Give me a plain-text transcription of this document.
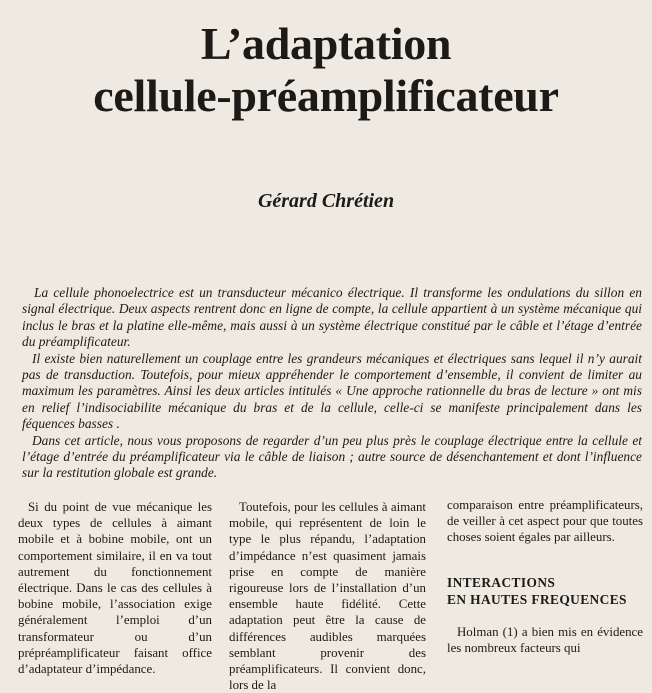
L’adaptation
cellule-préamplificateur
Gérard Chrétien

La cellule phonoelectrice est un transducteur mécanico électrique. Il transforme les ondulations du sillon en signal électrique. Deux aspects rentrent donc en ligne de compte, la cellule appartient à un système mécanique qui inclus le bras et la platine elle-même, mais aussi à un système électrique constitué par le câble et l’étage d’entrée du préamplificateur.

Il existe bien naturellement un couplage entre les grandeurs mécaniques et électriques sans lequel il n’y aurait pas de transduction. Toutefois, pour mieux appréhender le comportement d’ensemble, il convient de limiter au maximum les paramètres. Ainsi les deux articles intitulés « Une approche rationnelle du bras de lecture » ont mis en relief l’indisociabilite mécanique du bras et de la cellule, celle-ci se manifeste principalement dans les féquences basses .

Dans cet article, nous vous proposons de regarder d’un peu plus près le couplage électrique entre la cellule et l’étage d’entrée du préamplificateur via le câble de liaison ; autre source de désenchantement et dont l’influence sur la restitution globale est grande.

Si du point de vue mécanique les deux types de cellules à aimant mobile et à bobine mobile, ont un comportement similaire, il en va tout autrement du fonctionnement électrique. Dans le cas des cellules à bobine mobile, l’association exige généralement l’emploi d’un transformateur ou d’un prépréamplificateur faisant office d’adaptateur d’impédance.

Toutefois, pour les cellules à aimant mobile, qui représentent de loin le type le plus répandu, l’adaptation d’impédance n’est quasiment jamais prise en compte de manière rigoureuse lors de l’installation d’un ensemble haute fidélité. Cette adaptation peut être la cause de différences audibles marquées semblant provenir des préamplificateurs. Il convient donc, lors de la

comparaison entre préamplificateurs, de veiller à cet aspect pour que toutes choses soient égales par ailleurs.

INTERACTIONS
EN HAUTES FREQUENCES

Holman (1) a bien mis en évidence les nombreux facteurs qui
